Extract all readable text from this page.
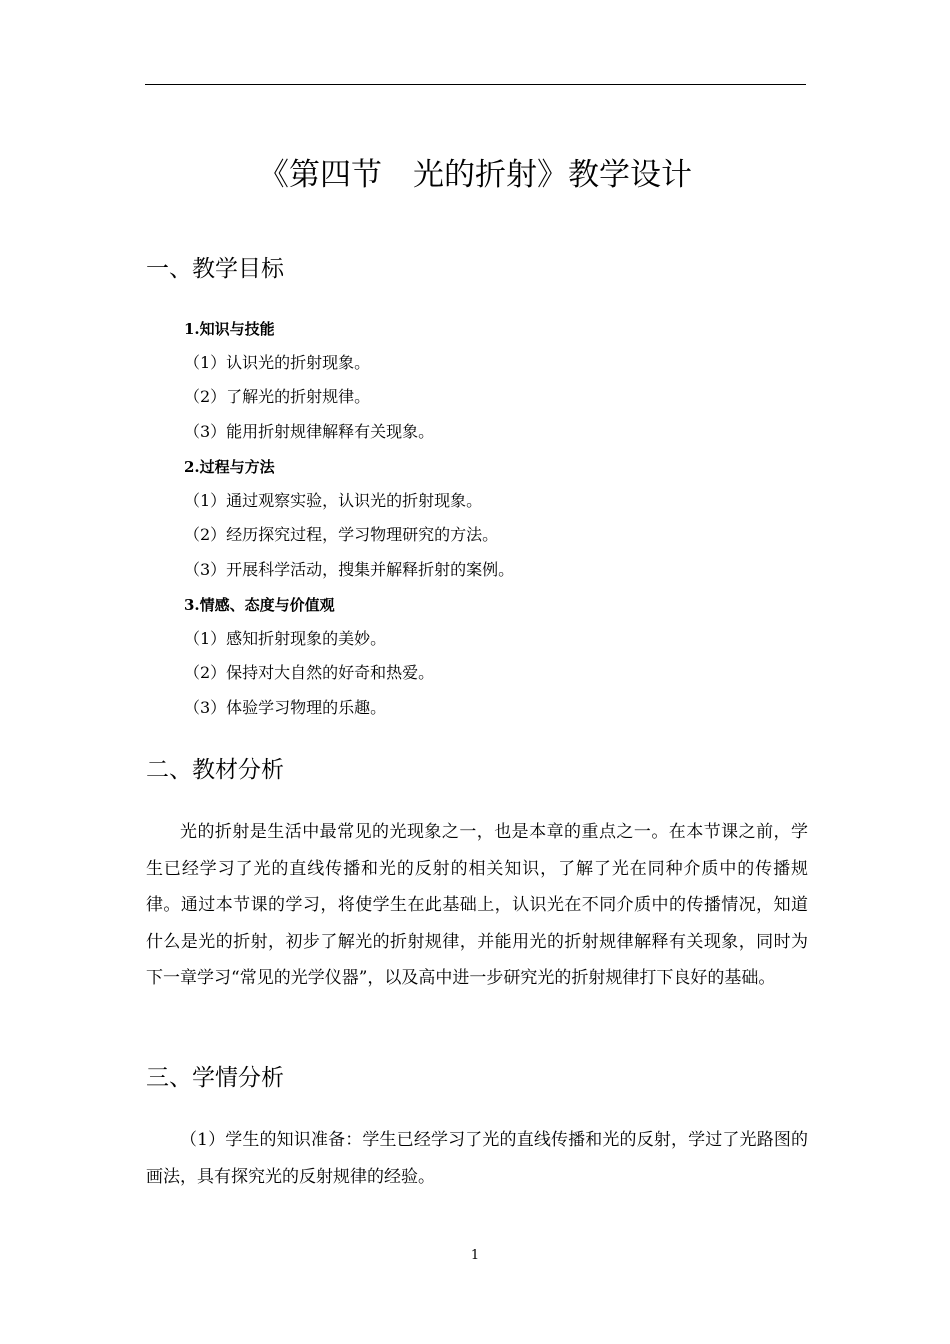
《第四节　光的折射》教学设计
一、教学目标
1.知识与技能
（1）认识光的折射现象。
（2）了解光的折射规律。
（3）能用折射规律解释有关现象。
2.过程与方法
（1）通过观察实验，认识光的折射现象。
（2）经历探究过程，学习物理研究的方法。
（3）开展科学活动，搜集并解释折射的案例。
3.情感、态度与价值观
（1）感知折射现象的美妙。
（2）保持对大自然的好奇和热爱。
（3）体验学习物理的乐趣。
二、教材分析

光的折射是生活中最常见的光现象之一，也是本章的重点之一。在本节课之前，学生已经学习了光的直线传播和光的反射的相关知识，了解了光在同种介质中的传播规律。通过本节课的学习，将使学生在此基础上，认识光在不同介质中的传播情况，知道什么是光的折射，初步了解光的折射规律，并能用光的折射规律解释有关现象，同时为下一章学习“常见的光学仪器”，以及高中进一步研究光的折射规律打下良好的基础。

三、学情分析

（1）学生的知识准备：学生已经学习了光的直线传播和光的反射，学过了光路图的画法，具有探究光的反射规律的经验。

1
